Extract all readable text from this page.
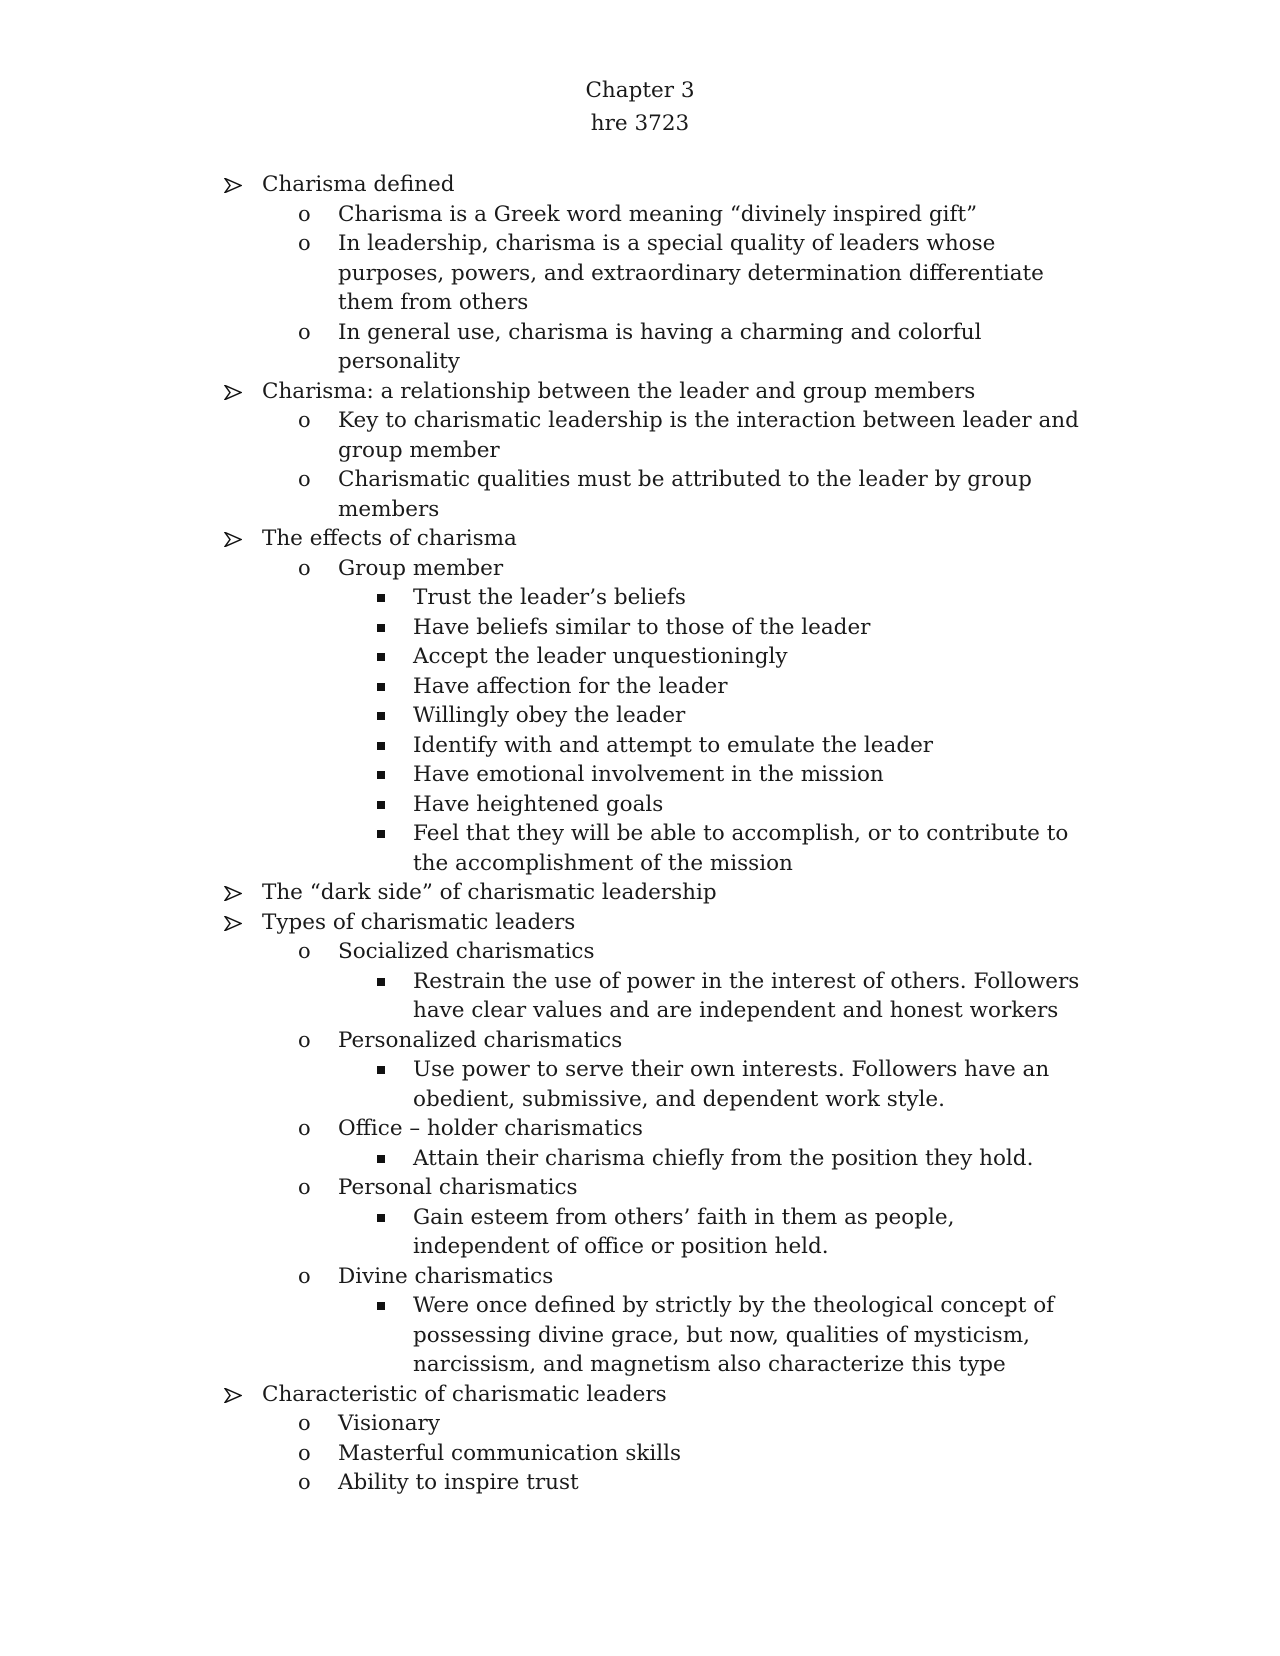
Chapter 3
hre 3723
Charisma defined
o Charisma is a Greek word meaning “divinely inspired gift”
o In leadership, charisma is a special quality of leaders whose purposes, powers, and extraordinary determination differentiate them from others
o In general use, charisma is having a charming and colorful personality
Charisma: a relationship between the leader and group members
o Key to charismatic leadership is the interaction between leader and group member
o Charismatic qualities must be attributed to the leader by group members
The effects of charisma
o Group member
Trust the leader’s beliefs
Have beliefs similar to those of the leader
Accept the leader unquestioningly
Have affection for the leader
Willingly obey the leader
Identify with and attempt to emulate the leader
Have emotional involvement in the mission
Have heightened goals
Feel that they will be able to accomplish, or to contribute to the accomplishment of the mission
The “dark side” of charismatic leadership
Types of charismatic leaders
o Socialized charismatics
Restrain the use of power in the interest of others. Followers have clear values and are independent and honest workers
o Personalized charismatics
Use power to serve their own interests. Followers have an obedient, submissive, and dependent work style.
o Office – holder charismatics
Attain their charisma chiefly from the position they hold.
o Personal charismatics
Gain esteem from others’ faith in them as people, independent of office or position held.
o Divine charismatics
Were once defined by strictly by the theological concept of possessing divine grace, but now, qualities of mysticism, narcissism, and magnetism also characterize this type
Characteristic of charismatic leaders
o Visionary
o Masterful communication skills
o Ability to inspire trust
